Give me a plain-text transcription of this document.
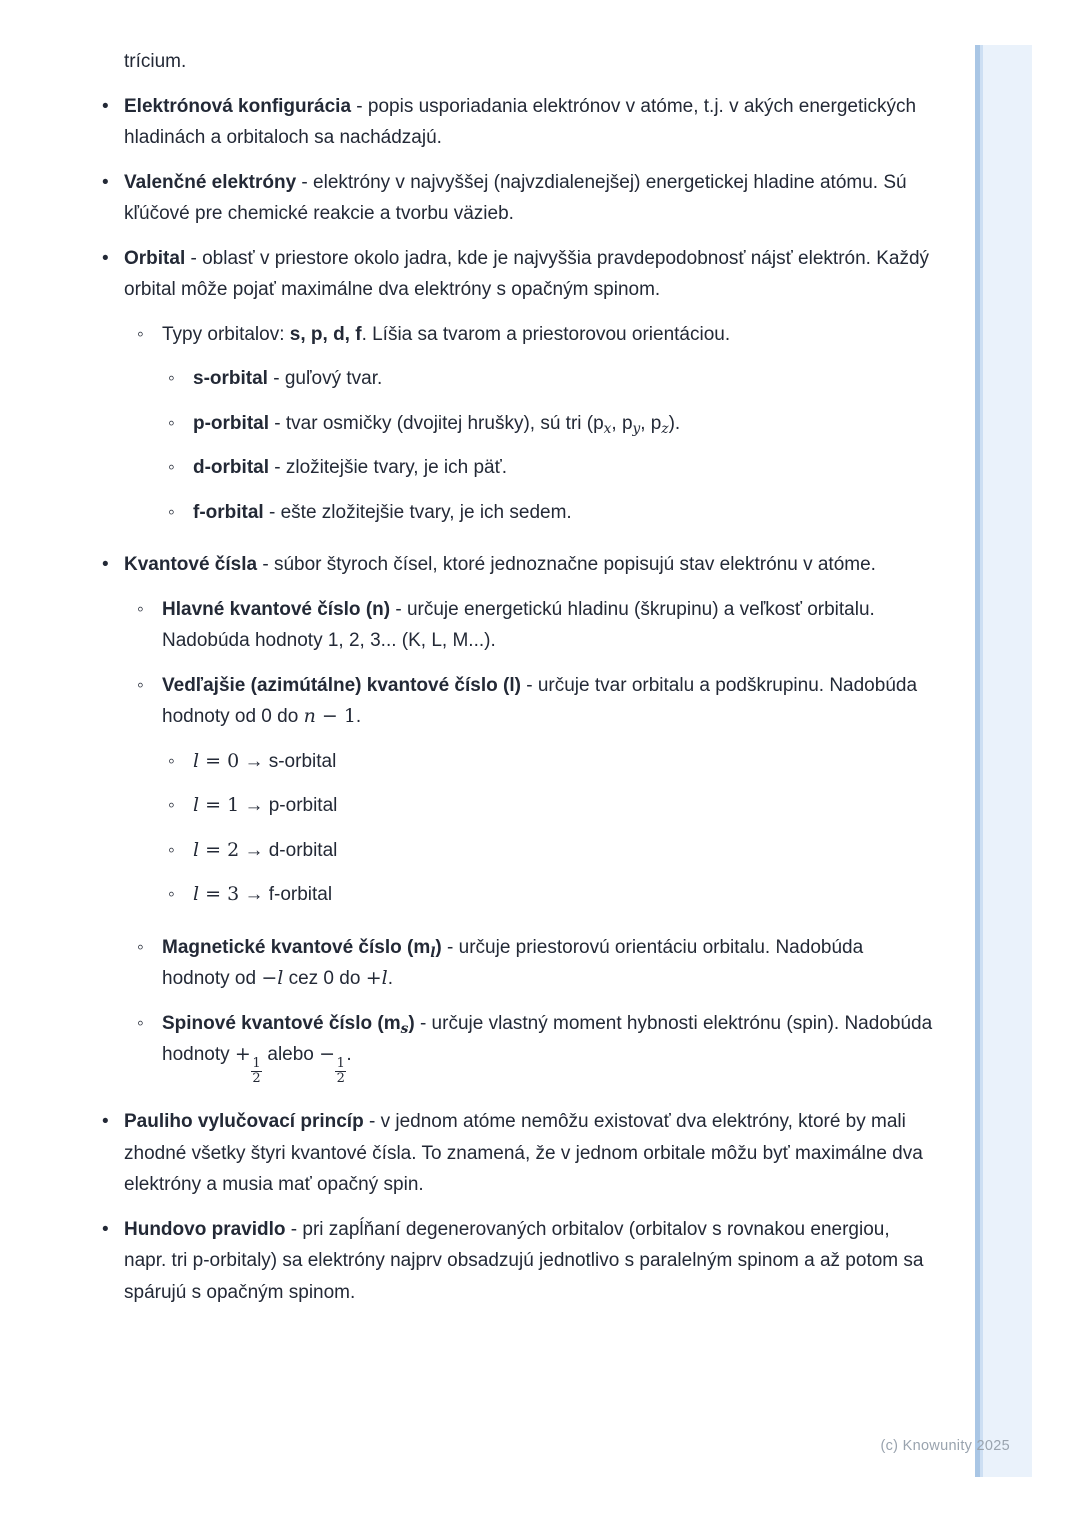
trícium.
• Elektrónová konfigurácia - popis usporiadania elektrónov v atóme, t.j. v akých energetických hladinách a orbitaloch sa nachádzajú.
• Valenčné elektróny - elektróny v najvyššej (najvzdialenejšej) energetickej hladine atómu. Sú kľúčové pre chemické reakcie a tvorbu väzieb.
• Orbital - oblasť v priestore okolo jadra, kde je najvyššia pravdepodobnosť nájsť elektrón. Každý orbital môže pojať maximálne dva elektróny s opačným spinom.
◦ Typy orbitalov: s, p, d, f. Líšia sa tvarom a priestorovou orientáciou.
◦ s-orbital - guľový tvar.
◦ p-orbital - tvar osmičky (dvojitej hrušky), sú tri ($p_x$, $p_y$, $p_z$).
◦ d-orbital - zložitejšie tvary, je ich päť.
◦ f-orbital - ešte zložitejšie tvary, je ich sedem.
• Kvantové čísla - súbor štyroch čísel, ktoré jednoznačne popisujú stav elektrónu v atóme.
◦ Hlavné kvantové číslo (n) - určuje energetickú hladinu (škrupinu) a veľkosť orbitalu. Nadobúda hodnoty 1, 2, 3... (K, L, M...).
◦ Vedľajšie (azimútálne) kvantové číslo (l) - určuje tvar orbitalu a podškrupinu. Nadobúda hodnoty od 0 do n − 1.
◦ l = 0 → s-orbital
◦ l = 1 → p-orbital
◦ l = 2 → d-orbital
◦ l = 3 → f-orbital
◦ Magnetické kvantové číslo $(m_l)$ - určuje priestorovú orientáciu orbitalu. Nadobúda hodnoty od −l cez 0 do +l.
◦ Spinové kvantové číslo $(m_s)$ - určuje vlastný moment hybnosti elektrónu (spin). Nadobúda hodnoty +
$\frac{1}{2}$
alebo −
$\frac{1}{2}$
.
• Pauliho vylučovací princíp - v jednom atóme nemôžu existovať dva elektróny, ktoré by mali zhodné všetky štyri kvantové čísla. To znamená, že v jednom orbitale môžu byť maximálne dva elektróny a musia mať opačný spin.
• Hundovo pravidlo - pri zapĺňaní degenerovaných orbitalov (orbitalov s rovnakou energiou, napr. tri p-orbitaly) sa elektróny najprv obsadzujú jednotlivo s paralelným spinom a až potom sa spárujú s opačným spinom.
(c) Knowunity 2025
